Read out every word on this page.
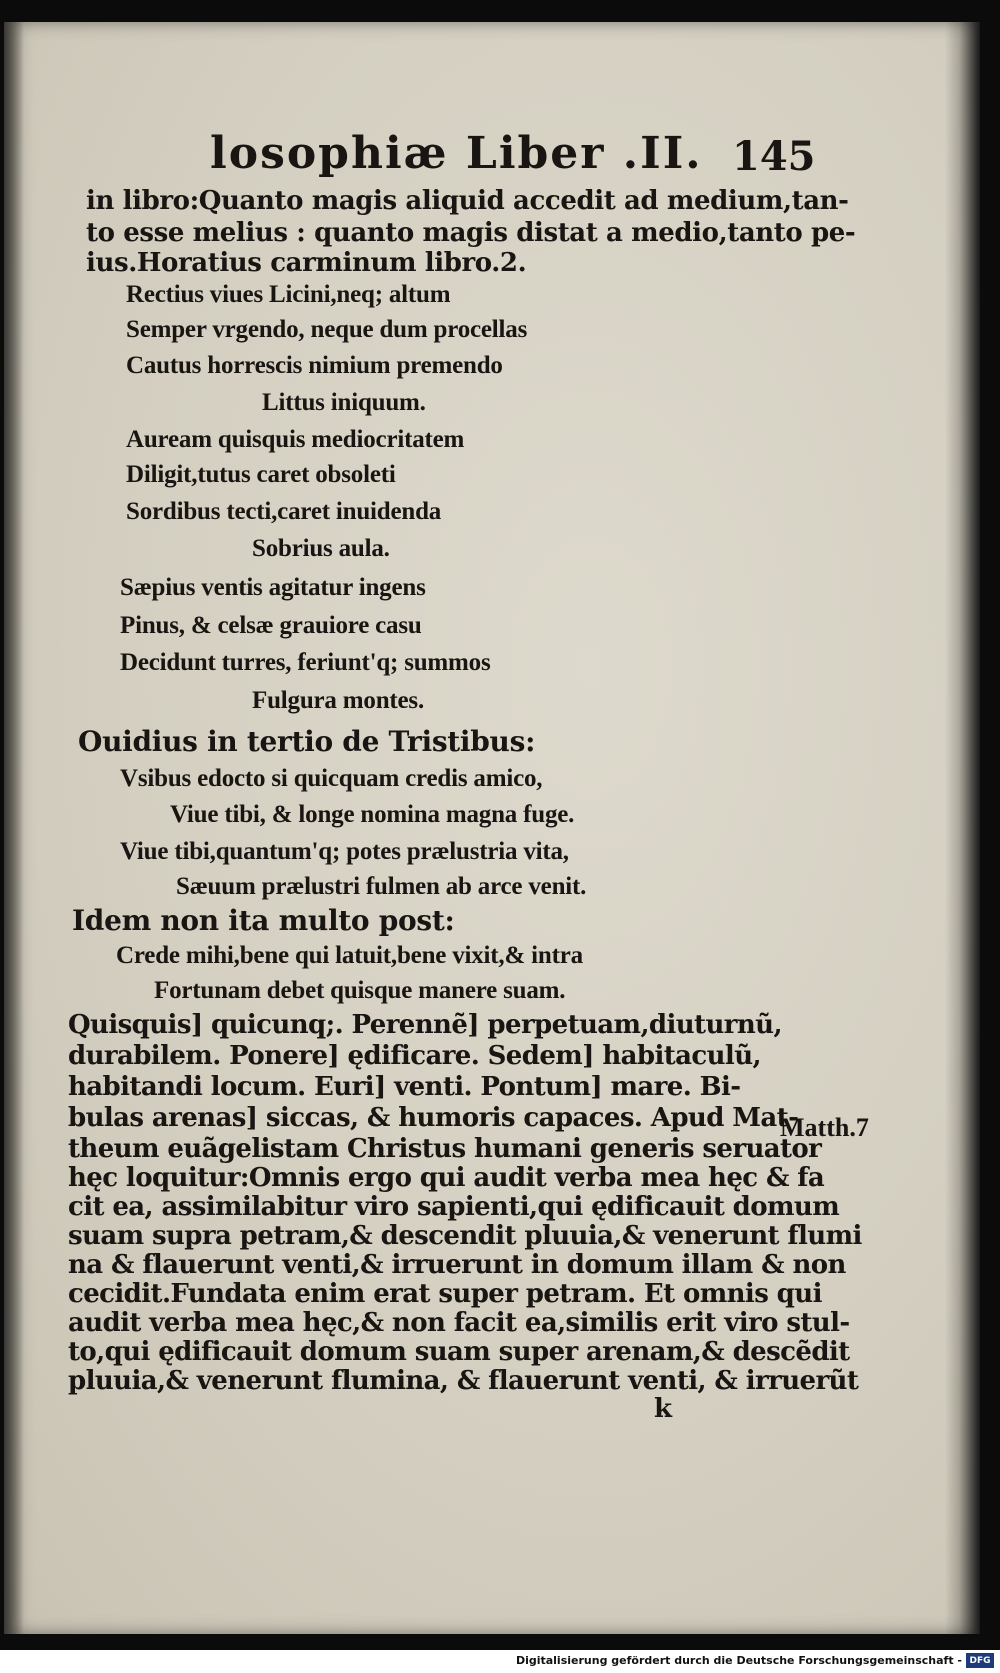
losophiæ Liber .II. 145
in libro:Quanto magis aliquid accedit ad medium,tan-
to esse melius : quanto magis distat a medio,tanto pe-
ius.Horatius carminum libro.2.
Rectius viues Licini,neq; altum
Semper vrgendo, neque dum procellas
Cautus horrescis nimium premendo
Littus iniquum.
Auream quisquis mediocritatem
Diligit,tutus caret obsoleti
Sordibus tecti,caret inuidenda
Sobrius aula.
Sæpius ventis agitatur ingens
Pinus, & celsæ grauiore casu
Decidunt turres, feriunt'q; summos
Fulgura montes.
Ouidius in tertio de Tristibus:
Vsibus edocto si quicquam credis amico,
Viue tibi, & longe nomina magna fuge.
Viue tibi,quantum'q; potes prælustria vita,
Sæuum prælustri fulmen ab arce venit.
Idem non ita multo post:
Crede mihi,bene qui latuit,bene vixit,& intra
Fortunam debet quisque manere suam.
Quisquis] quicunq;. Perennẽ] perpetuam,diuturnũ,
durabilem. Ponere] ędificare. Sedem] habitaculũ,
habitandi locum. Euri] venti. Pontum] mare. Bi-
bulas arenas] siccas, & humoris capaces. Apud Mat-
theum euãgelistam Christus humani generis seruator
hęc loquitur:Omnis ergo qui audit verba mea hęc & fa
cit ea, assimilabitur viro sapienti,qui ędificauit domum
suam supra petram,& descendit pluuia,& venerunt flumi
na & flauerunt venti,& irruerunt in domum illam & non
cecidit.Fundata enim erat super petram. Et omnis qui
audit verba mea hęc,& non facit ea,similis erit viro stul-
to,qui ędificauit domum suam super arenam,& descẽdit
pluuia,& venerunt flumina, & flauerunt venti, & irruerũt
Matth.7
k
Digitalisierung gefördert durch die Deutsche Forschungsgemeinschaft - DFG
